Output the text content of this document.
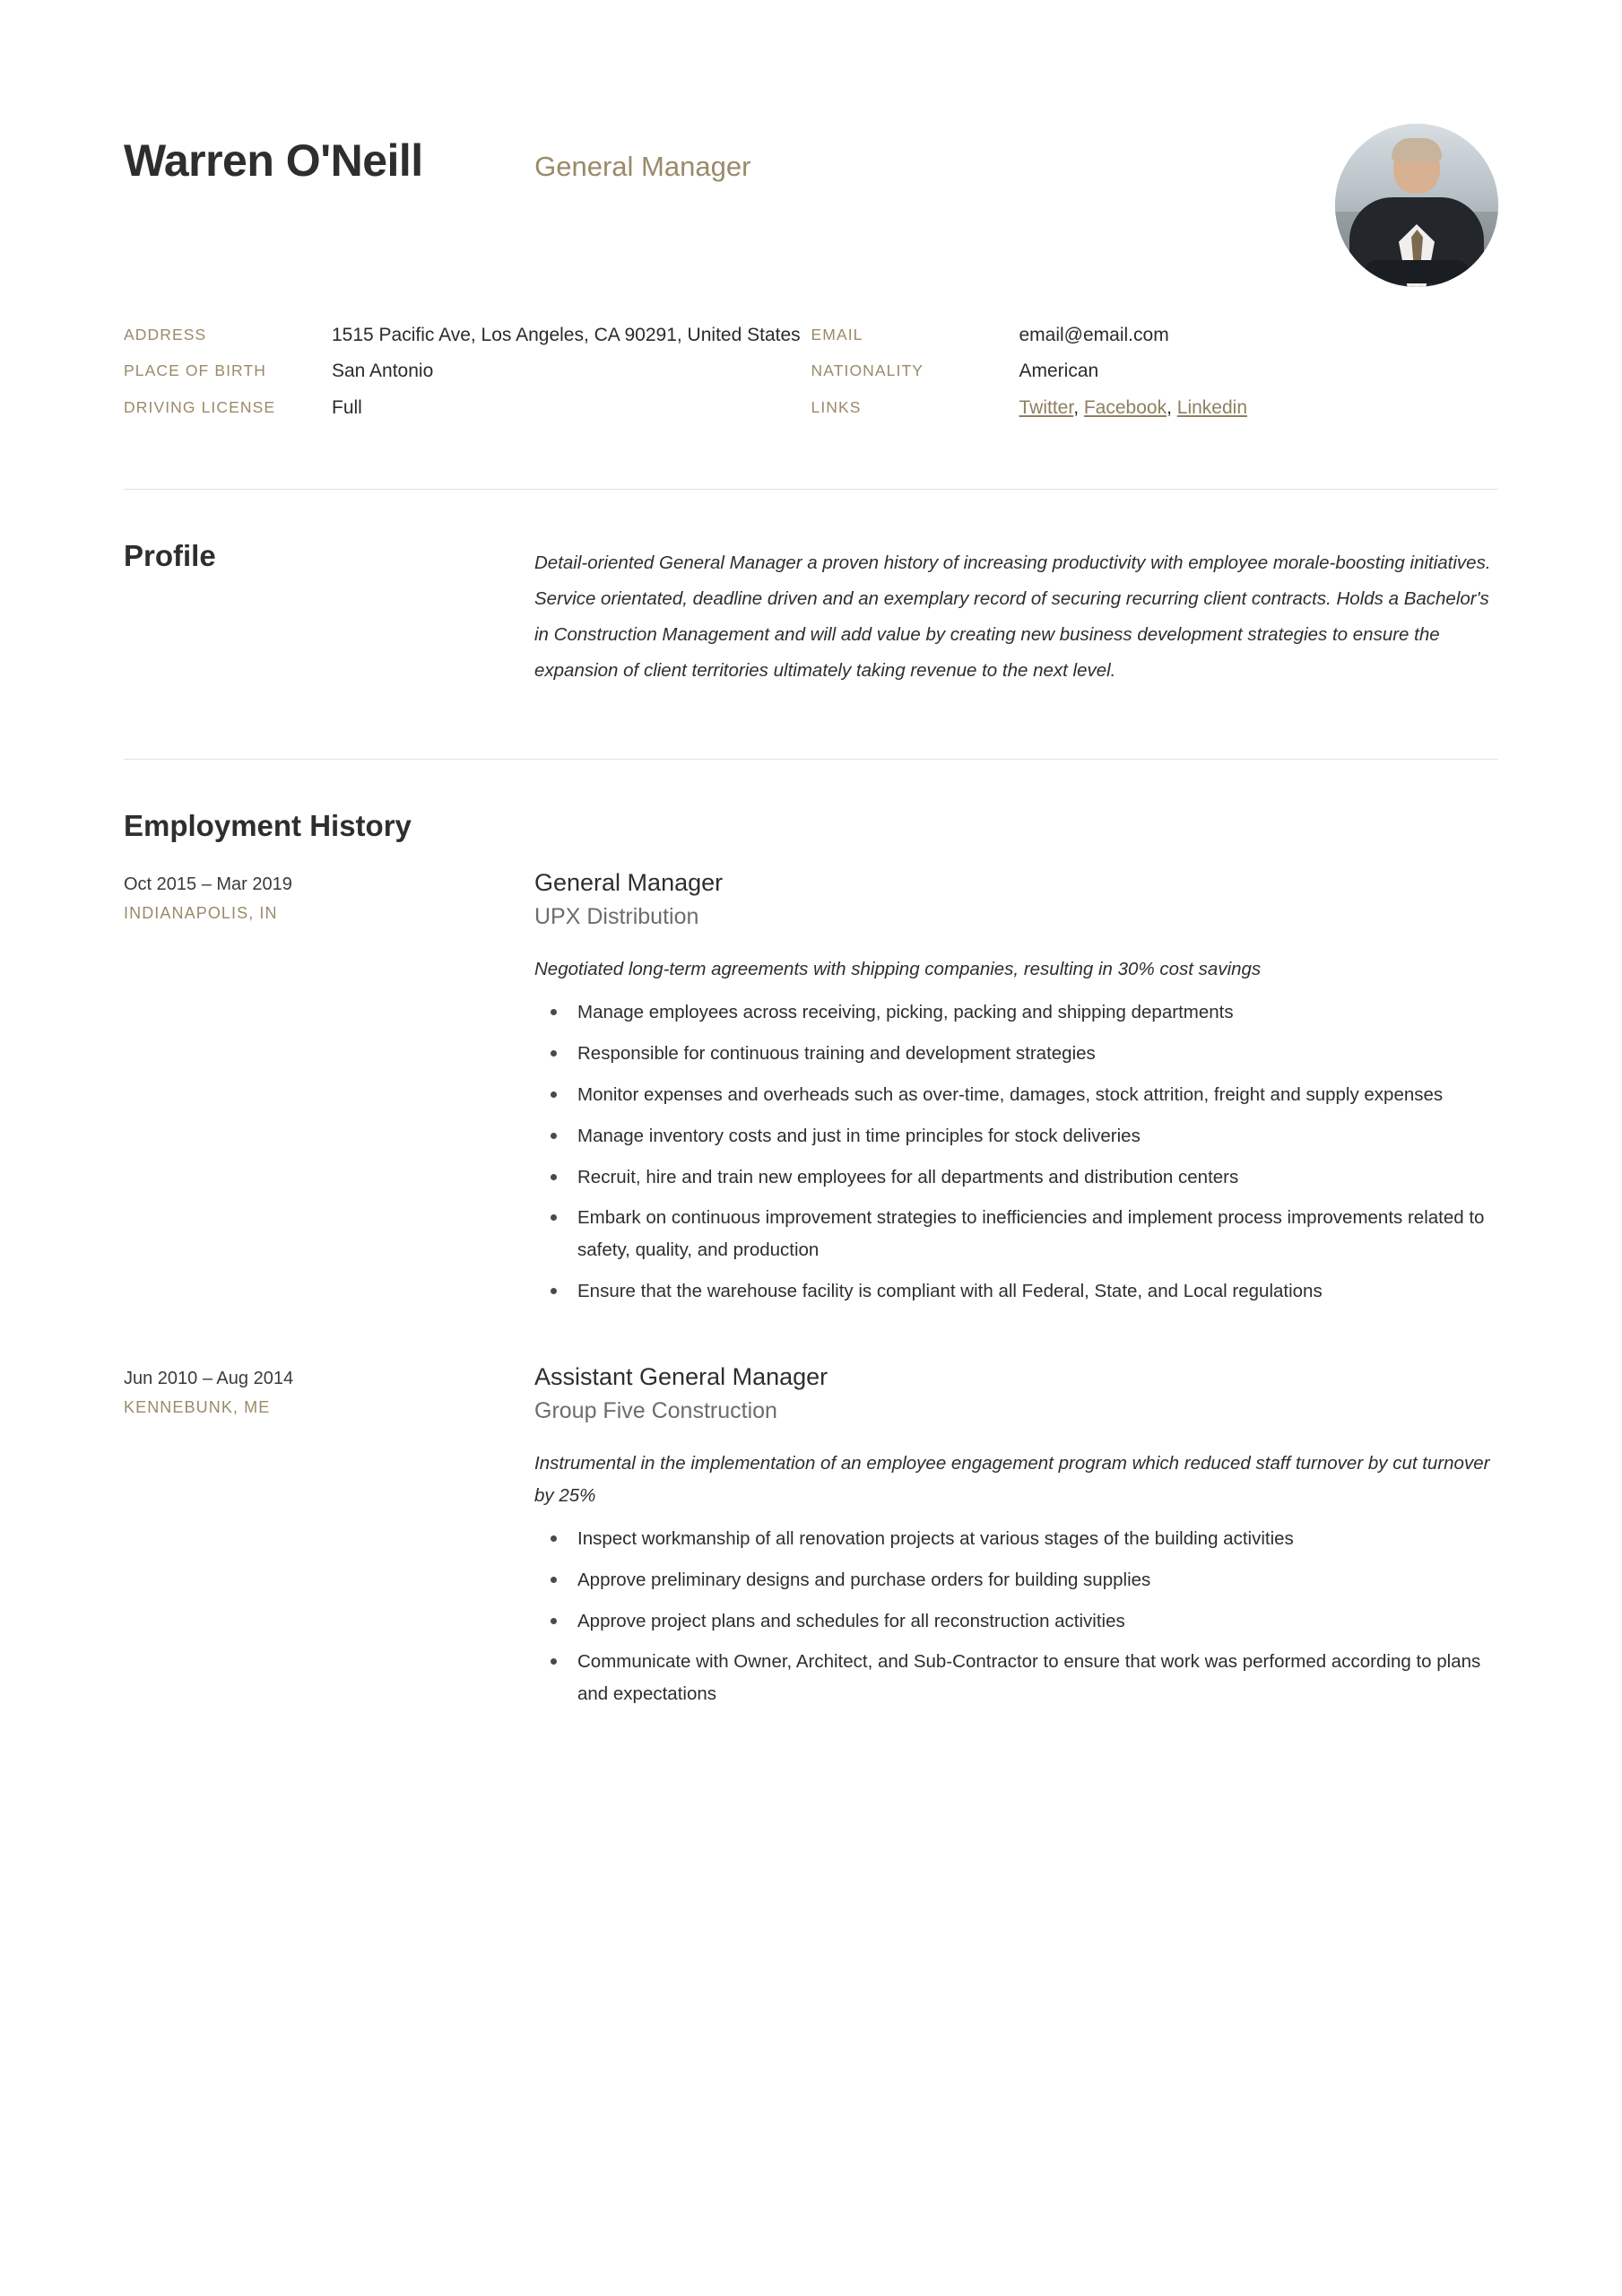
Warren O'Neill	General Manager
ADDRESS	1515 Pacific Ave, Los Angeles, CA 90291, United States
PLACE OF BIRTH	San Antonio
DRIVING LICENSE	Full
EMAIL	email@email.com
NATIONALITY	American
LINKS	Twitter, Facebook, Linkedin
Profile	Detail-oriented General Manager a proven history of increasing productivity with employee morale-boosting initiatives. Service orientated, deadline driven and an exemplary record of securing recurring client contracts. Holds a Bachelor's in Construction Management and will add value by creating new business development strategies to ensure the expansion of client territories ultimately taking revenue to the next level.

Employment History
Oct 2015 – Mar 2019
INDIANAPOLIS, IN
General Manager
UPX Distribution

Negotiated long-term agreements with shipping companies, resulting in 30% cost savings

Manage employees across receiving, picking, packing and shipping departments
Responsible for continuous training and development strategies
Monitor expenses and overheads such as over-time, damages, stock attrition, freight and supply expenses
Manage inventory costs and just in time principles for stock deliveries
Recruit, hire and train new employees for all departments and distribution centers
Embark on continuous improvement strategies to inefficiencies and implement process improvements related to safety, quality, and production
Ensure that the warehouse facility is compliant with all Federal, State, and Local regulations
Jun 2010 – Aug 2014
KENNEBUNK, ME
Assistant General Manager
Group Five Construction

Instrumental in the implementation of an employee engagement program which reduced staff turnover by cut turnover by 25%

Inspect workmanship of all renovation projects at various stages of the building activities
Approve preliminary designs and purchase orders for building supplies
Approve project plans and schedules for all reconstruction activities
Communicate with Owner, Architect, and Sub-Contractor to ensure that work was performed according to plans and expectations
